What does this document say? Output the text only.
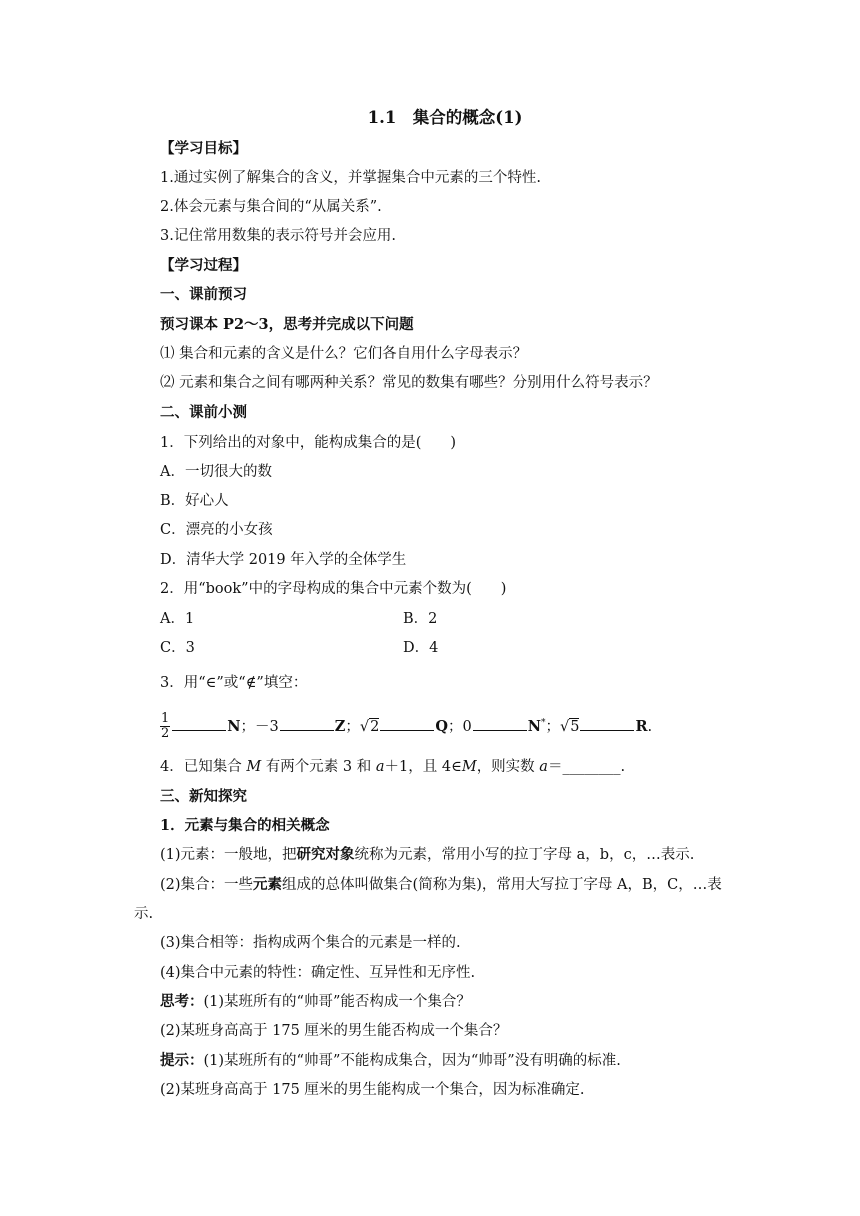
1.1　集合的概念(1)
【学习目标】
1.通过实例了解集合的含义，并掌握集合中元素的三个特性.
2.体会元素与集合间的“从属关系”.
3.记住常用数集的表示符号并会应用.
【学习过程】
一、课前预习
预习课本 P2～3，思考并完成以下问题
⑴ 集合和元素的含义是什么？它们各自用什么字母表示？
⑵ 元素和集合之间有哪两种关系？常见的数集有哪些？分别用什么符号表示？
二、课前小测
1．下列给出的对象中，能构成集合的是(　　)
A．一切很大的数
B．好心人
C．漂亮的小女孩
D．清华大学 2019 年入学的全体学生
2．用“book”中的字母构成的集合中元素个数为(　　)
A．1	B．2
C．3	D．4
3．用“∈”或“∉”填空：
$\frac{1}{2}$	N；－3	Z；√2	Q；0	N*；√5	R.
4．已知集合 M 有两个元素 3 和 a＋1，且 4∈M，则实数 a＝________.
三、新知探究
1．元素与集合的相关概念
(1)元素：一般地，把研究对象统称为元素，常用小写的拉丁字母 a，b，c，…表示.
(2)集合：一些元素组成的总体叫做集合(简称为集)，常用大写拉丁字母 A，B，C，…表
示.
(3)集合相等：指构成两个集合的元素是一样的.
(4)集合中元素的特性：确定性、互异性和无序性.
思考：(1)某班所有的“帅哥”能否构成一个集合？
(2)某班身高高于 175 厘米的男生能否构成一个集合？
提示：(1)某班所有的“帅哥”不能构成集合，因为“帅哥”没有明确的标准.
(2)某班身高高于 175 厘米的男生能构成一个集合，因为标准确定.
